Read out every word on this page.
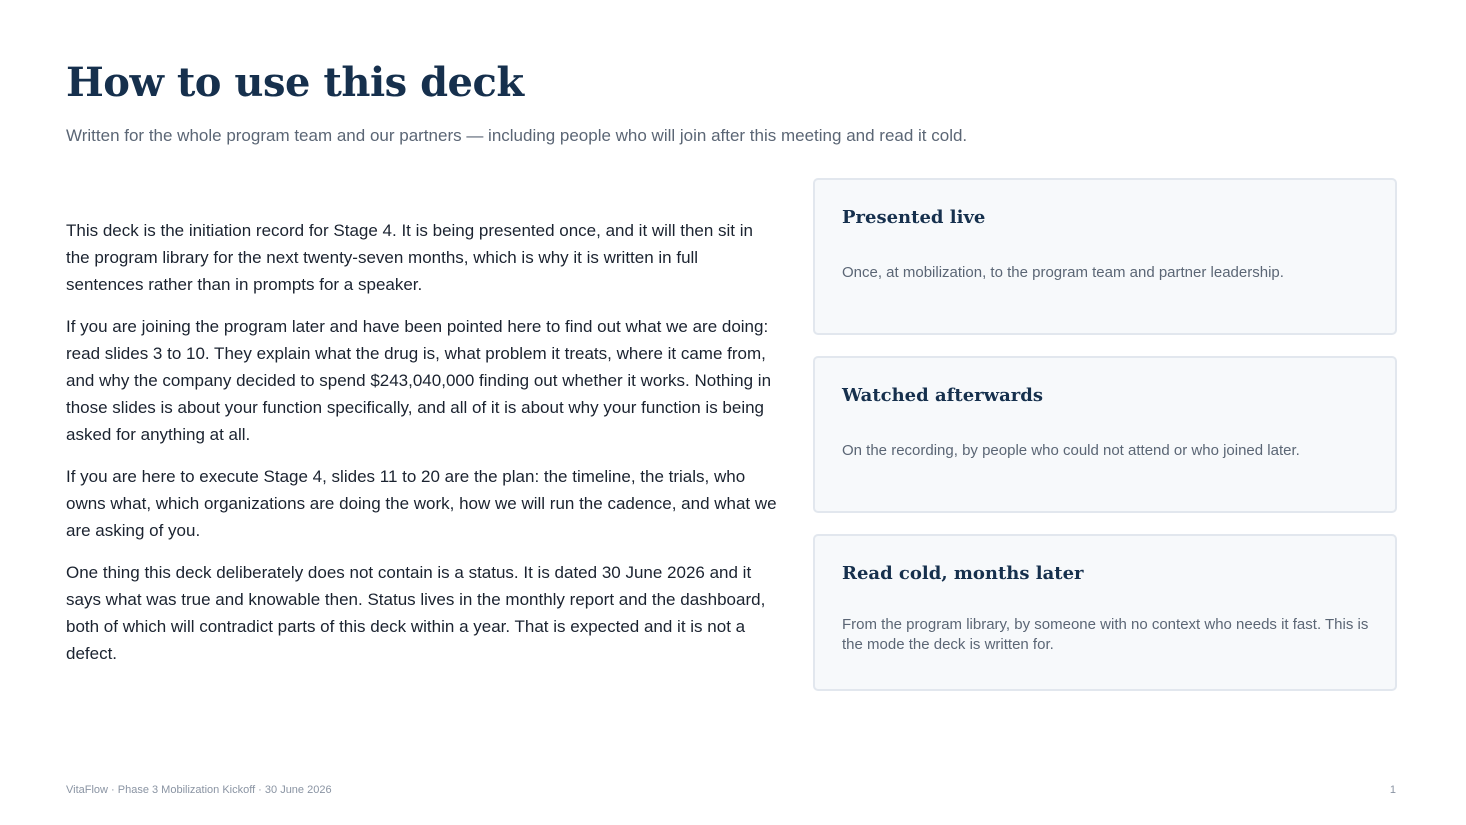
How to use this deck

Written for the whole program team and our partners — including people who will join after this meeting and read it cold.

This deck is the initiation record for Stage 4. It is being presented once, and it will then sit in the program library for the next twenty-seven months, which is why it is written in full sentences rather than in prompts for a speaker.

If you are joining the program later and have been pointed here to find out what we are doing: read slides 3 to 10. They explain what the drug is, what problem it treats, where it came from, and why the company decided to spend $243,040,000 finding out whether it works. Nothing in those slides is about your function specifically, and all of it is about why your function is being asked for anything at all.

If you are here to execute Stage 4, slides 11 to 20 are the plan: the timeline, the trials, who owns what, which organizations are doing the work, how we will run the cadence, and what we are asking of you.

One thing this deck deliberately does not contain is a status. It is dated 30 June 2026 and it says what was true and knowable then. Status lives in the monthly report and the dashboard, both of which will contradict parts of this deck within a year. That is expected and it is not a defect.

Presented live

Once, at mobilization, to the program team and partner leadership.

Watched afterwards

On the recording, by people who could not attend or who joined later.

Read cold, months later

From the program library, by someone with no context who needs it fast. This is the mode the deck is written for.

VitaFlow · Phase 3 Mobilization Kickoff · 30 June 2026	1
